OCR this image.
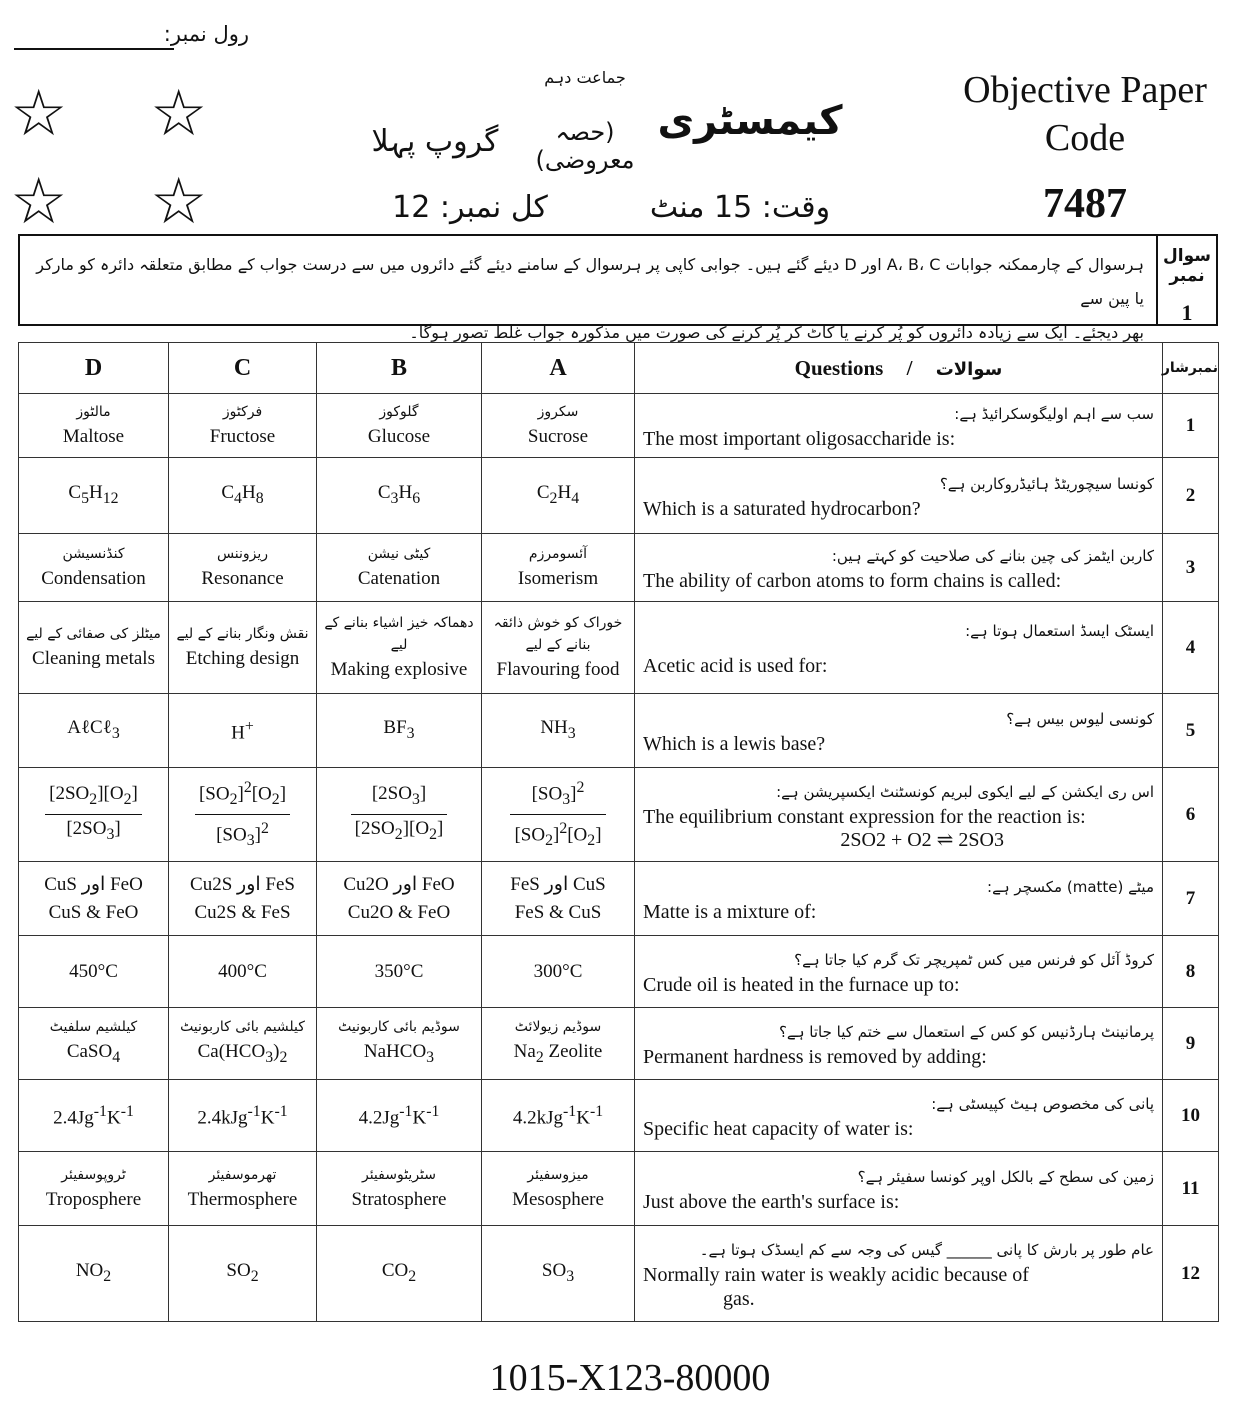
رول نمبر:
☆ ☆
☆ ☆
جماعت دہم
کیمسٹری
(حصہ معروضی)
گروپ پہلا
وقت: 15 منٹ
کل نمبر: 12
Objective Paper
Code
7487
سوال نمبر
1
ہرسوال کے چارممکنہ جوابات A، B، C اور D دیئے گئے ہیں۔ جوابی کاپی پر ہرسوال کے سامنے دیئے گئے دائروں میں سے درست جواب کے مطابق متعلقہ دائرہ کو مارکر یا پین سے
بھر دیجئے۔ ایک سے زیادہ دائروں کو پُر کرنے یا کاٹ کر پُر کرنے کی صورت میں مذکورہ جواب غلط تصور ہوگا۔
D	C	B	A	Questions / سوالات	نمبرشار

مالٹوز
Maltose	فرکٹوز
Fructose	گلوکوز
Glucose	سکروز
Sucrose	سب سے اہم اولیگوسکرائیڈ ہے:
The most important oligosaccharide is:	1
$C_5H_{12}$	$C_4H_8$	$C_3H_6$	$C_2H_4$	کونسا سیچوریٹڈ ہائیڈروکاربن ہے؟
Which is a saturated hydrocarbon?	2

کنڈنسیشن
Condensation	ریزوننس
Resonance	کیٹی نیشن
Catenation	آئسومرزم
Isomerism	کاربن ایٹمز کی چین بنانے کی صلاحیت کو کہتے ہیں:
The ability of carbon atoms to form chains is called:	3

میٹلز کی صفائی کے لیے
Cleaning metals	نقش ونگار بنانے کے لیے
Etching design	دھماکہ خیز اشیاء بنانے کے لیے
Making explosive	خوراک کو خوش ذائقہ بنانے کے لیے
Flavouring food	ایسٹک ایسڈ استعمال ہوتا ہے:
Acetic acid is used for:	4
AℓCℓ$_3$	H+	$BF_3$	$NH_3$	کونسی لیوس بیس ہے؟
Which is a lewis base?	5

$\frac{[2SO_2][O_2]}{[2SO_3]}$	$\frac{[SO_2]^2[O_2]}{[SO_3]^2}$	$\frac{[2SO_3]}{[2SO_2][O_2]}$	$\frac{[SO_3]^2}{[SO_2]^2[O_2]}$	اس ری ایکشن کے لیے ایکوی لبریم کونسٹنٹ ایکسپریشن ہے:
The equilibrium constant expression for the reaction is:
2SO2 + O2 ⇌ 2SO3	6

CuS اور FeO
CuS & FeO	Cu2S اور FeS
Cu2S & FeS	Cu2O اور FeO
Cu2O & FeO	FeS اور CuS
FeS & CuS	میٹے (matte) مکسچر ہے:
Matte is a mixture of:	7
450°C	400°C	350°C	300°C	کروڈ آئل کو فرنس میں کس ٹمپریچر تک گرم کیا جاتا ہے؟
Crude oil is heated in the furnace up to:	8

کیلشیم سلفیٹ
CaSO$_4$	کیلشیم بائی کاربونیٹ
$Ca(HCO_3)_2$	سوڈیم بائی کاربونیٹ
NaHCO$_3$	سوڈیم زیولائٹ
$Na_2$ Zeolite	پرمانینٹ ہارڈنیس کو کس کے استعمال سے ختم کیا جاتا ہے؟
Permanent hardness is removed by adding:	9
$2.4Jg^{-1}K^{-1}$	$2.4kJg^{-1}K^{-1}$	$4.2Jg^{-1}K^{-1}$	$4.2kJg^{-1}K^{-1}$	پانی کی مخصوص ہیٹ کپیسٹی ہے:
Specific heat capacity of water is:	10

ٹروپوسفیئر
Troposphere	تھرموسفیئر
Thermosphere	سٹریٹوسفیئر
Stratosphere	میزوسفیئر
Mesosphere	زمین کی سطح کے بالکل اوپر کونسا سفیئر ہے؟
Just above the earth's surface is:	11
$NO_2$	$SO_2$	$CO_2$	$SO_3$	عام طور پر بارش کا پانی ______ گیس کی وجہ سے کم ایسڈک ہوتا ہے۔
Normally rain water is weakly acidic because of
gas.	12
1015-X123-80000
